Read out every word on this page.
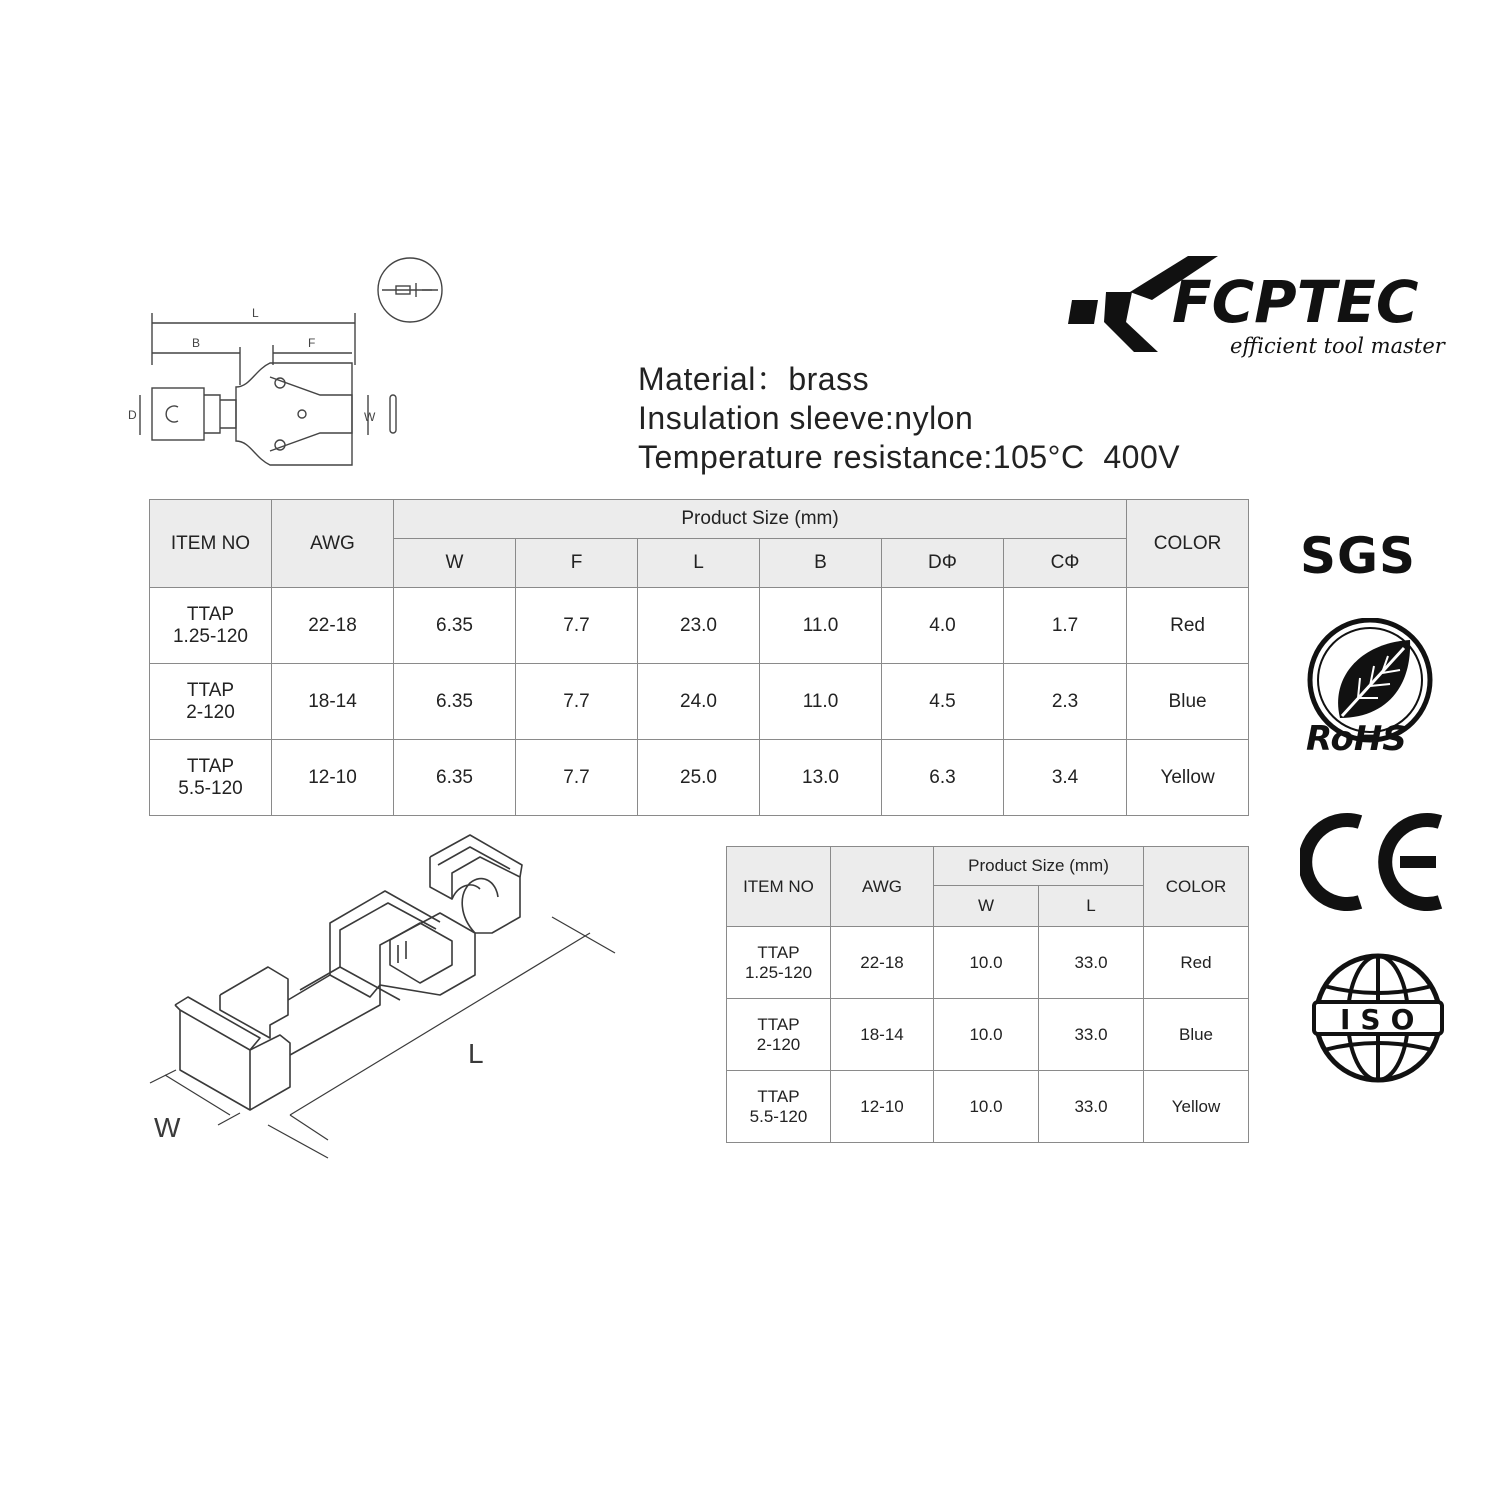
FCPTEC
efficient tool master
L
B	F
D	W
Material：brass
Insulation sleeve:nylon
Temperature resistance:105°C  400V
ITEM NO	AWG	Product Size (mm)						COLOR
		W	F	L	B	DΦ	CΦ	
TTAP
1.25-120	22-18	6.35	7.7	23.0	11.0	4.0	1.7	Red
TTAP
2-120	18-14	6.35	7.7	24.0	11.0	4.5	2.3	Blue
TTAP
5.5-120	12-10	6.35	7.7	25.0	13.0	6.3	3.4	Yellow
L
W
ITEM NO	AWG	Product Size (mm)		COLOR
		W	L	
TTAP
1.25-120	22-18	10.0	33.0	Red
TTAP
2-120	18-14	10.0	33.0	Blue
TTAP
5.5-120	12-10	10.0	33.0	Yellow
SGS
RoHS
ISO
